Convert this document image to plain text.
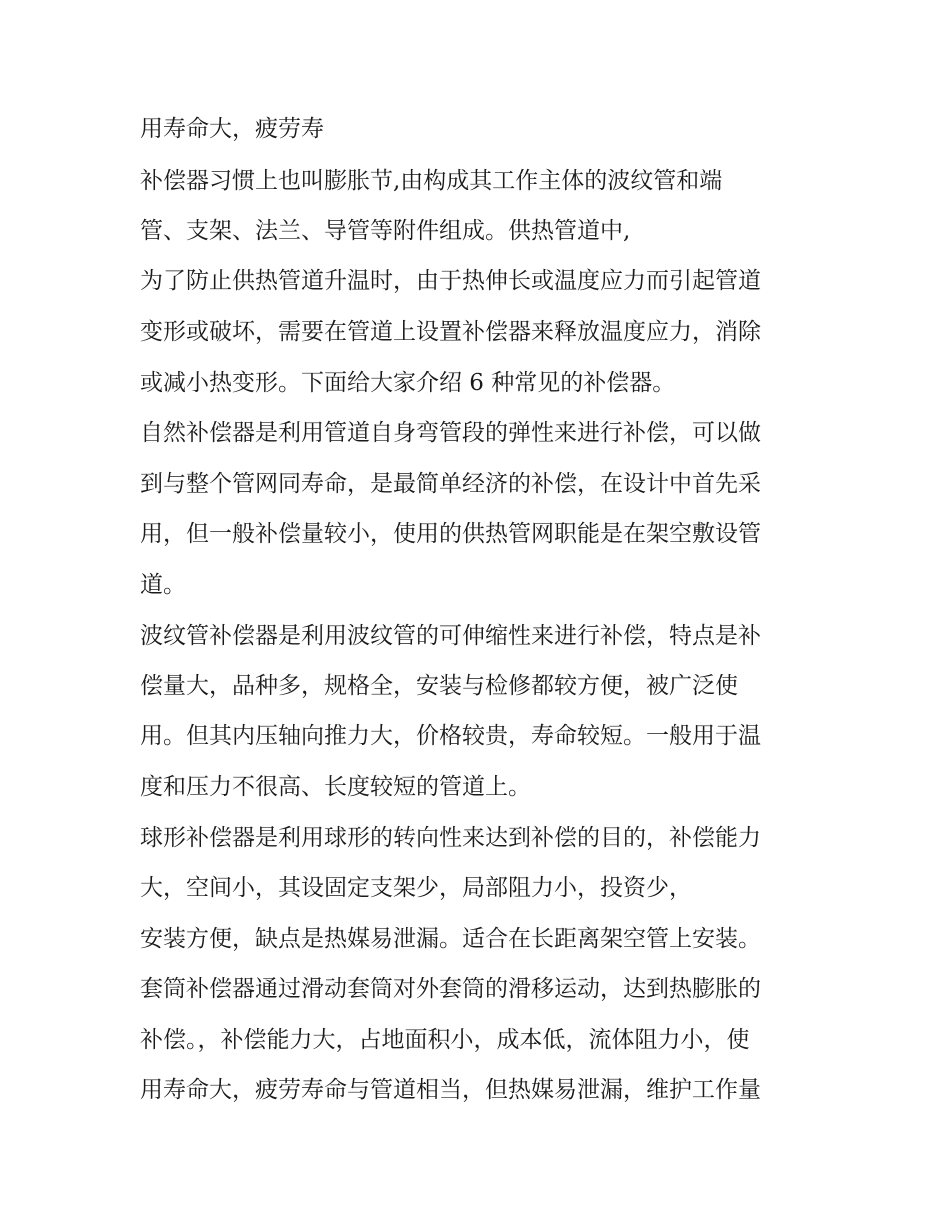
用寿命大，疲劳寿

补偿器习惯上也叫膨胀节,由构成其工作主体的波纹管和端

管、支架、法兰、导管等附件组成。供热管道中,

为了防止供热管道升温时，由于热伸长或温度应力而引起管道

变形或破坏，需要在管道上设置补偿器来释放温度应力，消除

或减小热变形。下面给大家介绍 6 种常见的补偿器。

自然补偿器是利用管道自身弯管段的弹性来进行补偿，可以做

到与整个管网同寿命，是最简单经济的补偿，在设计中首先采

用，但一般补偿量较小，使用的供热管网职能是在架空敷设管

道。

波纹管补偿器是利用波纹管的可伸缩性来进行补偿，特点是补

偿量大，品种多，规格全，安装与检修都较方便，被广泛使

用。但其内压轴向推力大，价格较贵，寿命较短。一般用于温

度和压力不很高、长度较短的管道上。

球形补偿器是利用球形的转向性来达到补偿的目的，补偿能力

大，空间小，其设固定支架少，局部阻力小，投资少，

安装方便，缺点是热媒易泄漏。适合在长距离架空管上安装。

套筒补偿器通过滑动套筒对外套筒的滑移运动，达到热膨胀的

补偿。，补偿能力大，占地面积小，成本低，流体阻力小，使

用寿命大，疲劳寿命与管道相当，但热媒易泄漏，维护工作量
